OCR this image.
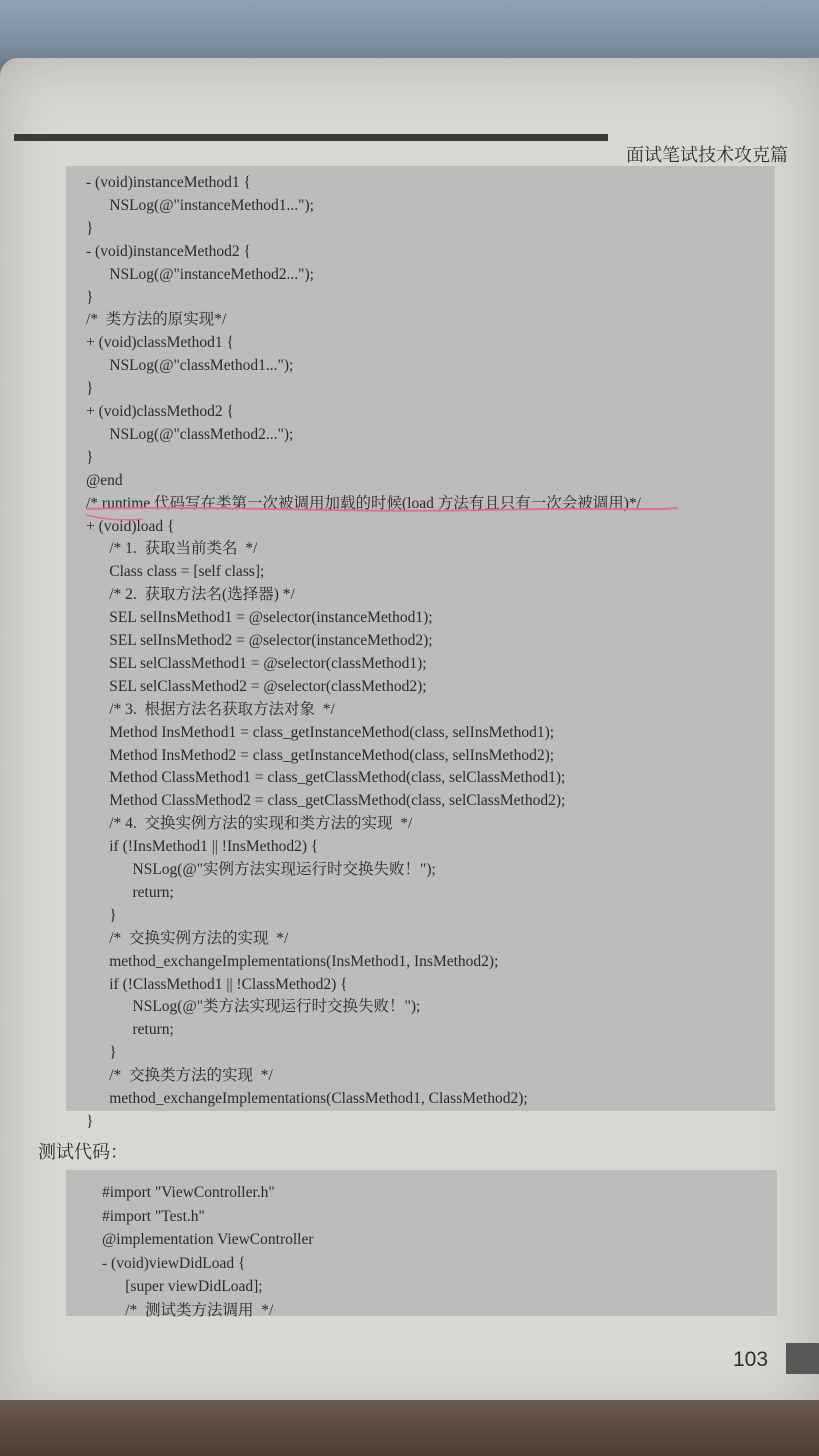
面试笔试技术攻克篇
- (void)instanceMethod1 {
NSLog(@"instanceMethod1...");
}
- (void)instanceMethod2 {
NSLog(@"instanceMethod2...");
}
/*  类方法的原实现*/
+ (void)classMethod1 {
NSLog(@"classMethod1...");
}
+ (void)classMethod2 {
NSLog(@"classMethod2...");
}
@end
/* runtime 代码写在类第一次被调用加载的时候(load 方法有且只有一次会被调用)*/
+ (void)load {
/* 1.  获取当前类名  */
Class class = [self class];
/* 2.  获取方法名(选择器) */
SEL selInsMethod1 = @selector(instanceMethod1);
SEL selInsMethod2 = @selector(instanceMethod2);
SEL selClassMethod1 = @selector(classMethod1);
SEL selClassMethod2 = @selector(classMethod2);
/* 3.  根据方法名获取方法对象  */
Method InsMethod1 = class_getInstanceMethod(class, selInsMethod1);
Method InsMethod2 = class_getInstanceMethod(class, selInsMethod2);
Method ClassMethod1 = class_getClassMethod(class, selClassMethod1);
Method ClassMethod2 = class_getClassMethod(class, selClassMethod2);
/* 4.  交换实例方法的实现和类方法的实现  */
if (!InsMethod1 || !InsMethod2) {
NSLog(@"实例方法实现运行时交换失败！");
return;
}
/*  交换实例方法的实现  */
method_exchangeImplementations(InsMethod1, InsMethod2);
if (!ClassMethod1 || !ClassMethod2) {
NSLog(@"类方法实现运行时交换失败！");
return;
}
/*  交换类方法的实现  */
method_exchangeImplementations(ClassMethod1, ClassMethod2);
}
测试代码：
#import "ViewController.h"
#import "Test.h"
@implementation ViewController
- (void)viewDidLoad {
[super viewDidLoad];
/*  测试类方法调用  */
103
